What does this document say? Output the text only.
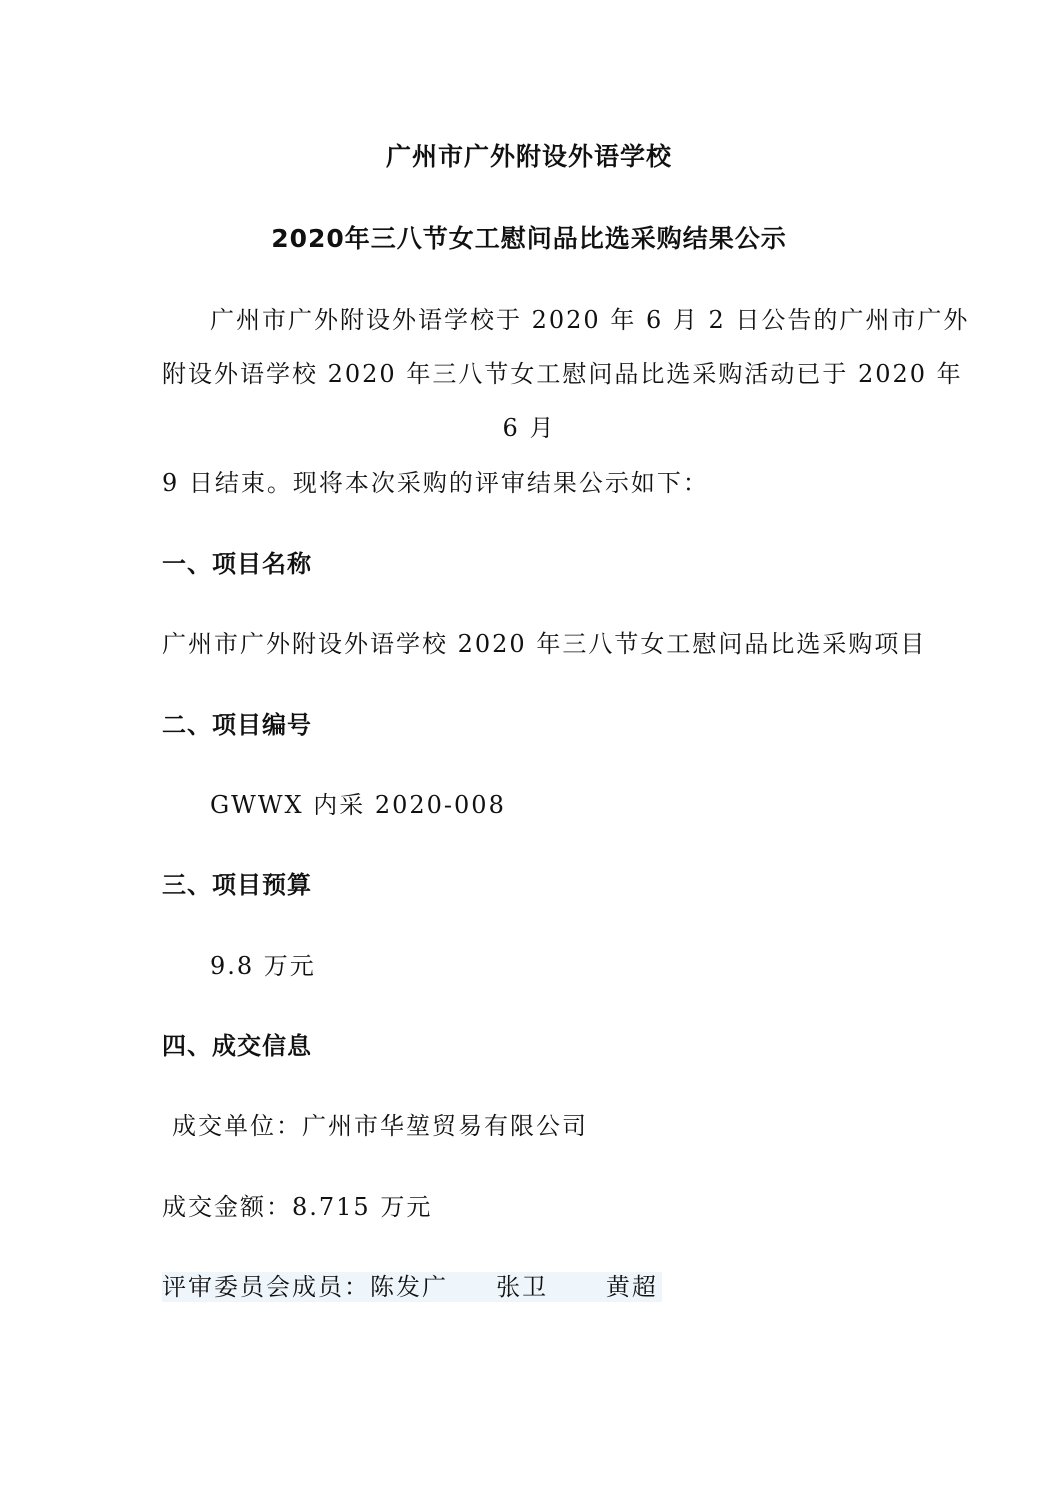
广州市广外附设外语学校
2020年三八节女工慰问品比选采购结果公示
广州市广外附设外语学校于 2020 年 6 月 2 日公告的广州市广外
附设外语学校 2020 年三八节女工慰问品比选采购活动已于 2020 年
6 月
9 日结束。现将本次采购的评审结果公示如下：
一、项目名称
广州市广外附设外语学校 2020 年三八节女工慰问品比选采购项目
二、项目编号
GWWX 内采 2020-008
三、项目预算
9.8 万元
四、成交信息
成交单位：广州市华堃贸易有限公司
成交金额：8.715 万元
评审委员会成员：陈发广     张卫      黄超
